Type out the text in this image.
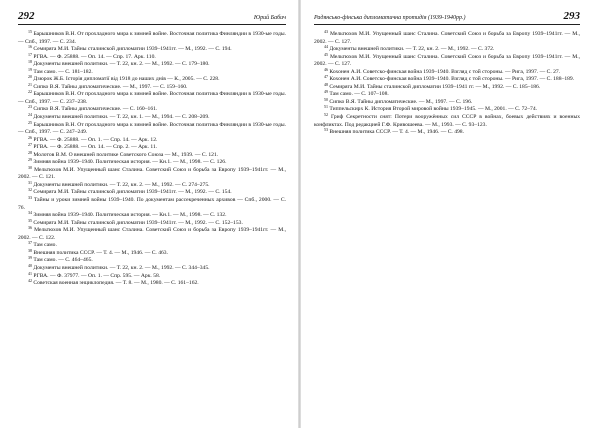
292	Юрий Бабич

$^{15}$ Барышников В.Н. От прохладного мира к зимней войне. Восточная политика Финляндии в 1930-ые годы. — Спб., 1997. — С. 234.

$^{16}$ Семиряга М.И. Тайны сталинской дипломатии 1939–1941гг. — М., 1992. — С. 194.

$^{17}$ РГВА. — Ф. 25888. — Оп. 14. — Спр. 17. Арк. 110.

$^{18}$ Документы внешней политики. — Т. 22, кн. 2. — М., 1992. — С. 179–180.

$^{19}$ Там само. — С. 181–182.

$^{20}$ Дзюрок Ж.Б. Історія дипломатії від 1918 до наших днів — К., 2005. — С. 228.

$^{21}$ Сипко В.Я. Тайны дипломатические. — М., 1997. — С. 159–160.

$^{22}$ Барышников В.Н. От прохладного мира к зимней войне. Восточная политика Финляндии в 1930-ые годы. — Спб., 1997. — С. 237–238.

$^{23}$ Сипко В.Я. Тайны дипломатические. — С. 160–161.

$^{24}$ Документы внешней политики. — Т. 22, кн. 1. — М., 1994. — С. 208–209.

$^{25}$ Барышников В.Н. От прохладного мира к зимней войне. Восточная политика Финляндии в 1930-ые годы. — Спб., 1997. — С. 247–249.

$^{26}$ РГВА. — Ф. 25888. — Оп. 1. — Спр. 14. — Арк. 12.

$^{27}$ РГВА. — Ф. 25888. — Оп. 14. — Спр. 2. — Арк. 11.

$^{28}$ Молотов В.М. О внешней политике Советского Союза — М., 1939. — С. 121.

$^{29}$ Зимняя война 1939–1940. Политическая история. — Кн.1. — М., 1998. — С. 126.

$^{30}$ Мельтюхов М.И. Упущенный шанс Сталина. Советский Союз и борьба за Европу 1939–1941гг. — М., 2002. — С. 121.

$^{31}$ Документы внешней политики. — Т. 22, кн. 2. — М., 1992. — С. 274–275.

$^{32}$ Семиряга М.И. Тайны сталинской дипломатии 1939–1941гг. — М., 1992. — С. 154.

$^{33}$ Тайны и уроки зимней войны 1939–1940. По документам рассекреченных архивов — Спб., 2000. — С. 76.

$^{34}$ Зимняя война 1939–1940. Политическая история. — Кн.1. — М., 1998. — С. 132.

$^{35}$ Семиряга М.И. Тайны сталинской дипломатии 1939–1941гг. — М., 1992. — С. 152–153.

$^{36}$ Мельтюхов М.И. Упущенный шанс Сталина. Советский Союз и борьба за Европу 1939–1941гг. — М., 2002. — С. 122.

$^{37}$ Там само.

$^{38}$ Внешняя политика СССР. — Т. 4. — М., 1946. — С. 463.

$^{39}$ Там само. — С. 464–465.

$^{40}$ Документы внешней политики. — Т. 22, кн. 2. — М., 1992. — С. 344–345.

$^{41}$ РГВА. — Ф. 37977. — Оп. 1. — Спр. 595. — Арк. 58.

$^{42}$ Советская военная энциклопедия. — Т. 8. — М., 1980. — С. 161–162.

Радянсько-фінська дипломатична протидія (1939-1940рр.)	293

$^{43}$ Мельтюхов М.И. Упущенный шанс Сталина. Советский Союз и борьба за Европу 1939–1941гг. — М., 2002. — С. 127.

$^{44}$ Документы внешней политики. — Т. 22, кн. 2. — М., 1992. — С. 372.

$^{45}$ Мельтюхов М.И. Упущенный шанс Сталина. Советский Союз и борьба за Европу 1939–1941гг. — М., 2002. — С. 127.

$^{46}$ Кохонен А.И. Советско-финская война 1939–1940. Взгляд с той стороны. — Рига, 1997. — С. 27.

$^{47}$ Кохонен А.И. Советско-финская война 1939–1940. Взгляд с той стороны. — Рига, 1997. — С. 188–189.

$^{48}$ Семиряга М.И. Тайны сталинской дипломатии 1939–1941 гг. — М., 1992. — С. 185–186.

$^{49}$ Там само. — С. 107–108.

$^{50}$ Сипко В.Я. Тайны дипломатические. — М., 1997. — С. 196.

$^{51}$ Типпельскирх К. История Второй мировой войны 1939–1945. — М., 2001. — С. 72–74.

$^{52}$ Гриф Секретности снят: Потери вооружённых сил СССР в войнах, боевых действиях и военных конфликтах. Под редакцией Г.Ф. Кривошеева. — М., 1993. — С. 93–123.

$^{53}$ Внешняя политика СССР. — Т. 4. — М., 1946. — С. 498.
